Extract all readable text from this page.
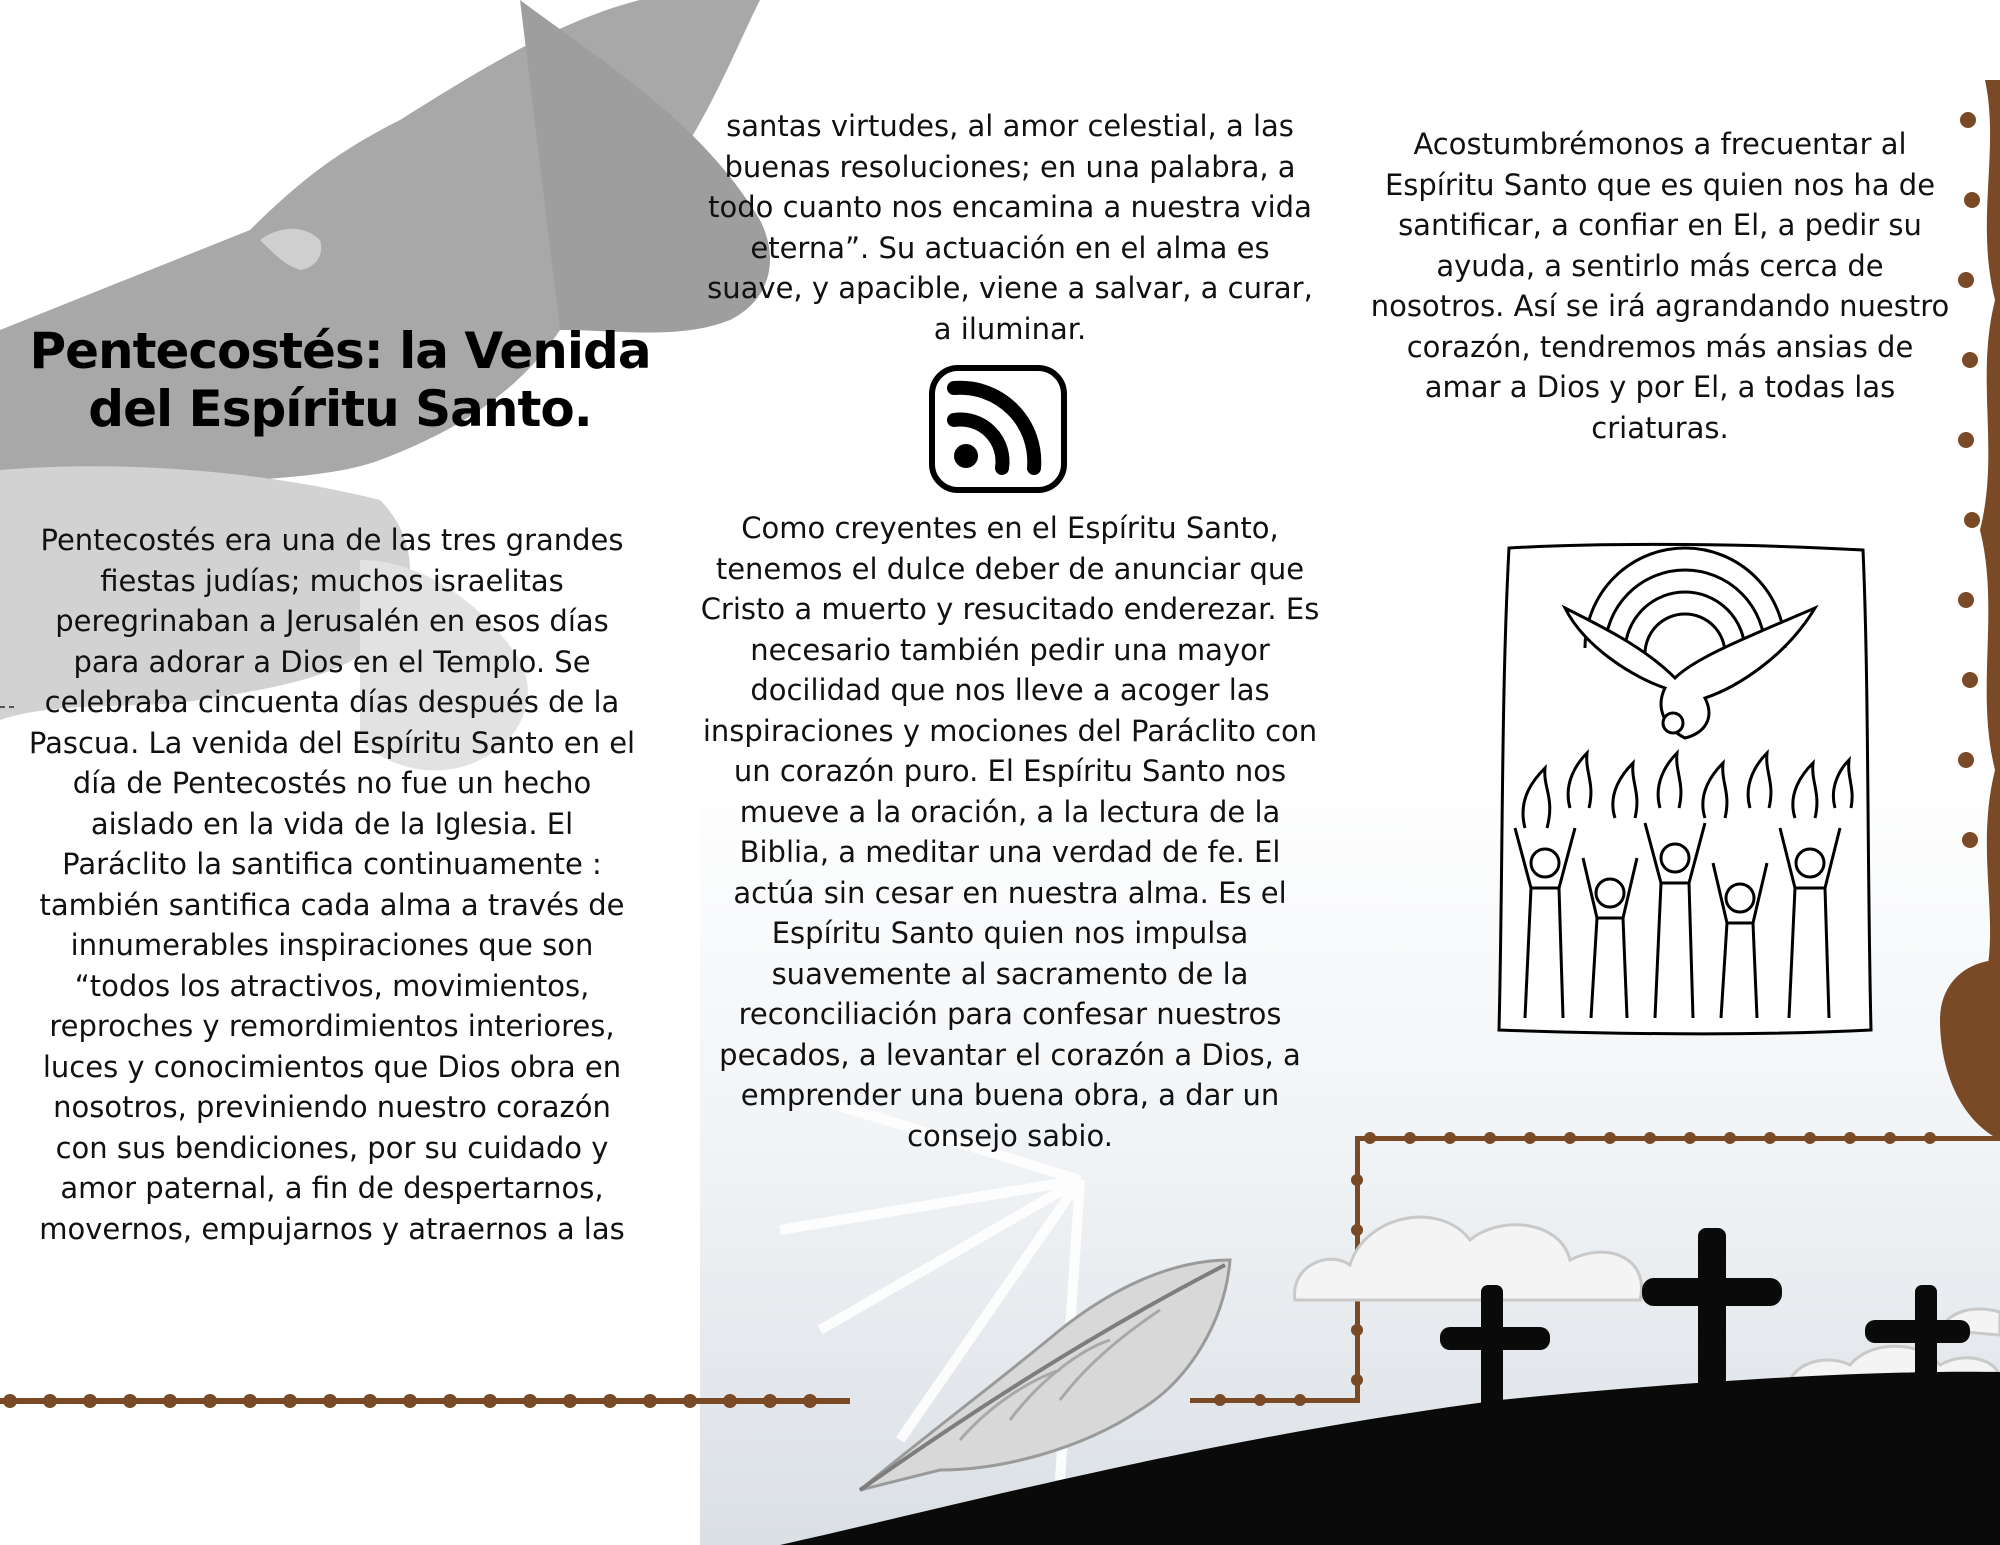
Pentecostés: la Venida del Espíritu Santo.

Pentecostés era una de las tres grandes fiestas judías; muchos israelitas peregrinaban a Jerusalén en esos días para adorar a Dios en el Templo. Se celebraba cincuenta días después de la Pascua. La venida del Espíritu Santo en el día de Pentecostés no fue un hecho aislado en la vida de la Iglesia. El Paráclito la santifica continuamente : también santifica cada alma a través de innumerables inspiraciones que son “todos los atractivos, movimientos, reproches y remordimientos interiores, luces y conocimientos que Dios obra en nosotros, previniendo nuestro corazón con sus bendiciones, por su cuidado y amor paternal, a fin de despertarnos, movernos, empujarnos y atraernos a las

santas virtudes, al amor celestial, a las buenas resoluciones; en una palabra, a todo cuanto nos encamina a nuestra vida eterna”. Su actuación en el alma es suave, y apacible, viene a salvar, a curar, a iluminar.

Como creyentes en el Espíritu Santo, tenemos el dulce deber de anunciar que Cristo a muerto y resucitado enderezar. Es necesario también pedir una mayor docilidad que nos lleve a acoger las inspiraciones y mociones del Paráclito con un corazón puro. El Espíritu Santo nos mueve a la oración, a la lectura de la Biblia, a meditar una verdad de fe. El actúa sin cesar en nuestra alma. Es el Espíritu Santo quien nos impulsa suavemente al sacramento de la reconciliación para confesar nuestros pecados, a levantar el corazón a Dios, a emprender una buena obra, a dar un consejo sabio.

Acostumbrémonos a frecuentar al Espíritu Santo que es quien nos ha de santificar, a confiar en El, a pedir su ayuda, a sentirlo más cerca de nosotros. Así se irá agrandando nuestro corazón, tendremos más ansias de amar a Dios y por El, a todas las criaturas.
